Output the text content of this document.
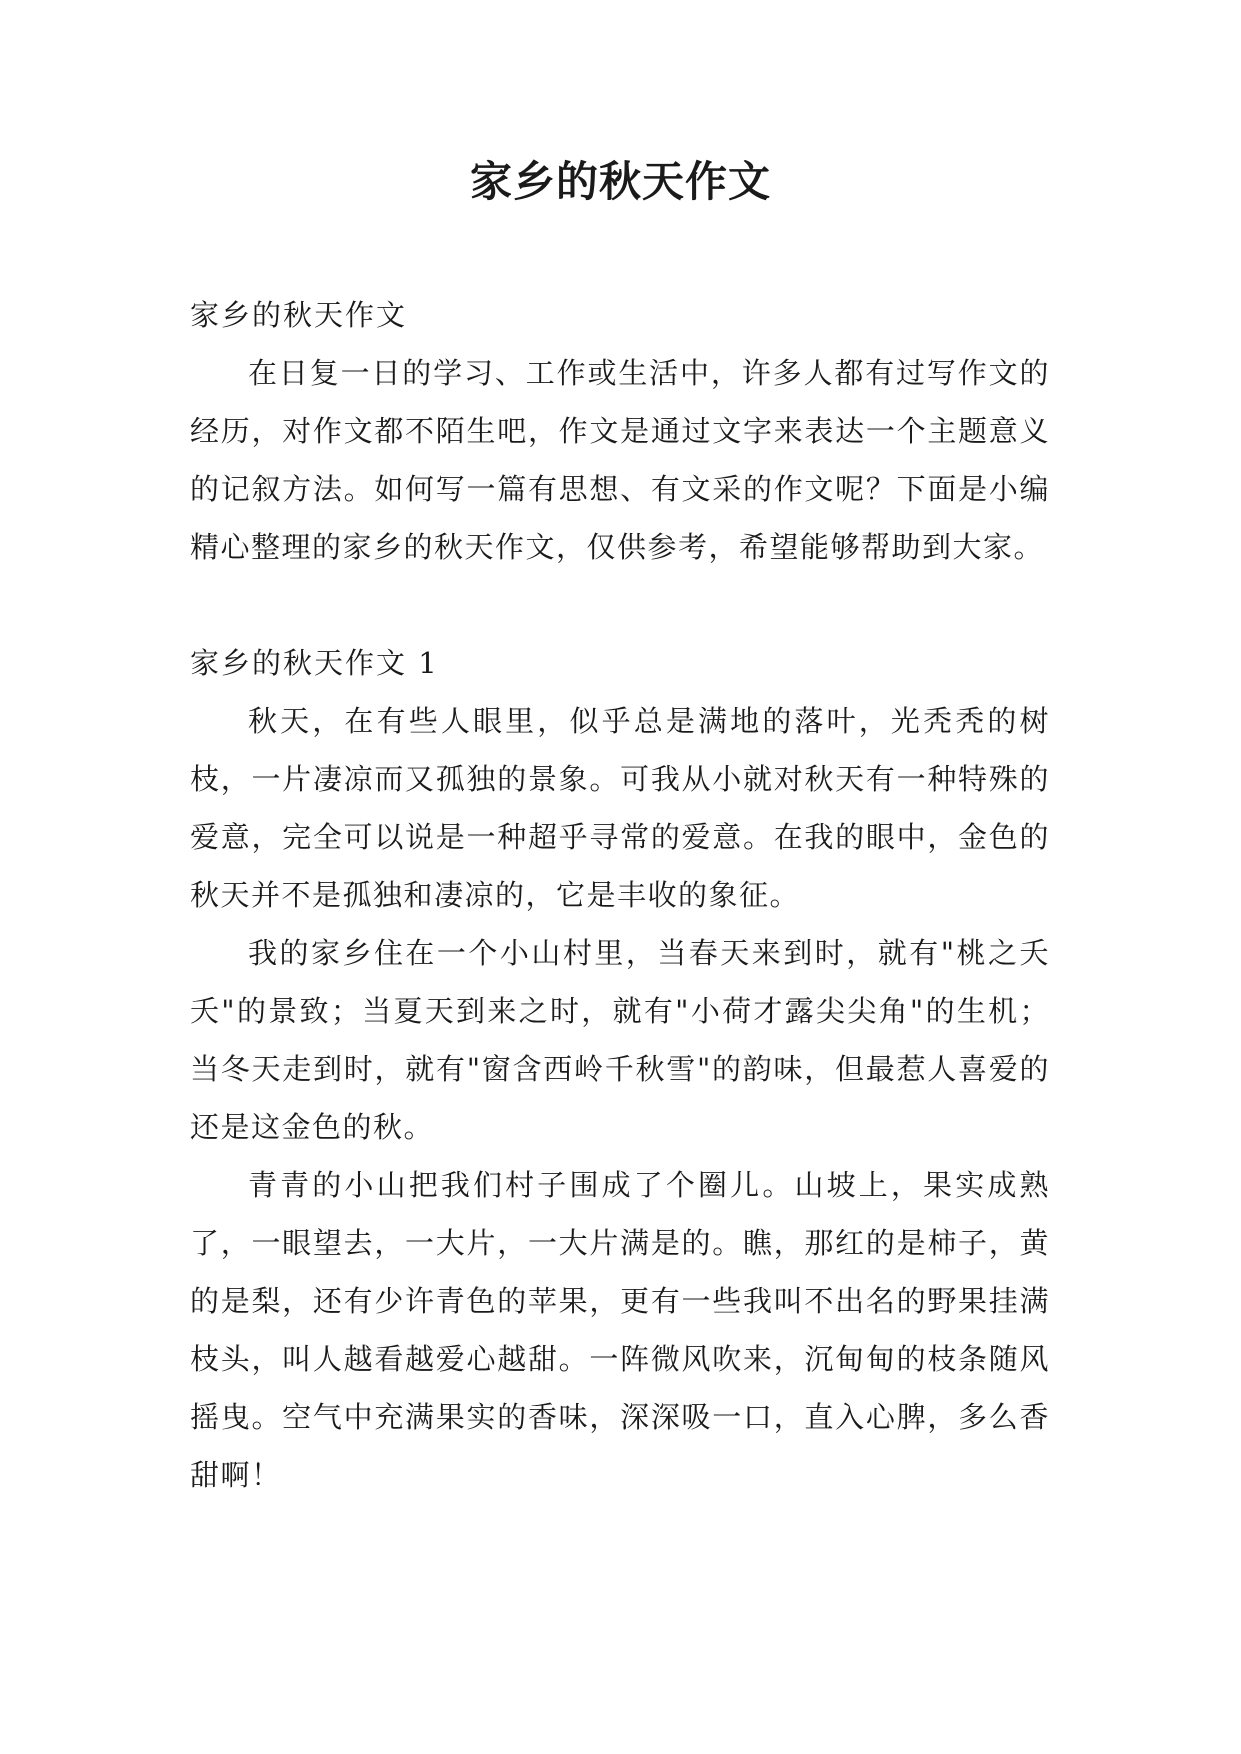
家乡的秋天作文
家乡的秋天作文

在日复一日的学习、工作或生活中，许多人都有过写作文的经历，对作文都不陌生吧，作文是通过文字来表达一个主题意义的记叙方法。如何写一篇有思想、有文采的作文呢？下面是小编精心整理的家乡的秋天作文，仅供参考，希望能够帮助到大家。

家乡的秋天作文 1

秋天，在有些人眼里，似乎总是满地的落叶，光秃秃的树枝，一片凄凉而又孤独的景象。可我从小就对秋天有一种特殊的爱意，完全可以说是一种超乎寻常的爱意。在我的眼中，金色的秋天并不是孤独和凄凉的，它是丰收的象征。

我的家乡住在一个小山村里，当春天来到时，就有"桃之夭夭"的景致；当夏天到来之时，就有"小荷才露尖尖角"的生机；当冬天走到时，就有"窗含西岭千秋雪"的韵味，但最惹人喜爱的还是这金色的秋。

青青的小山把我们村子围成了个圈儿。山坡上，果实成熟了，一眼望去，一大片，一大片满是的。瞧，那红的是柿子，黄的是梨，还有少许青色的苹果，更有一些我叫不出名的野果挂满枝头，叫人越看越爱心越甜。一阵微风吹来，沉甸甸的枝条随风摇曳。空气中充满果实的香味，深深吸一口，直入心脾，多么香甜啊！
